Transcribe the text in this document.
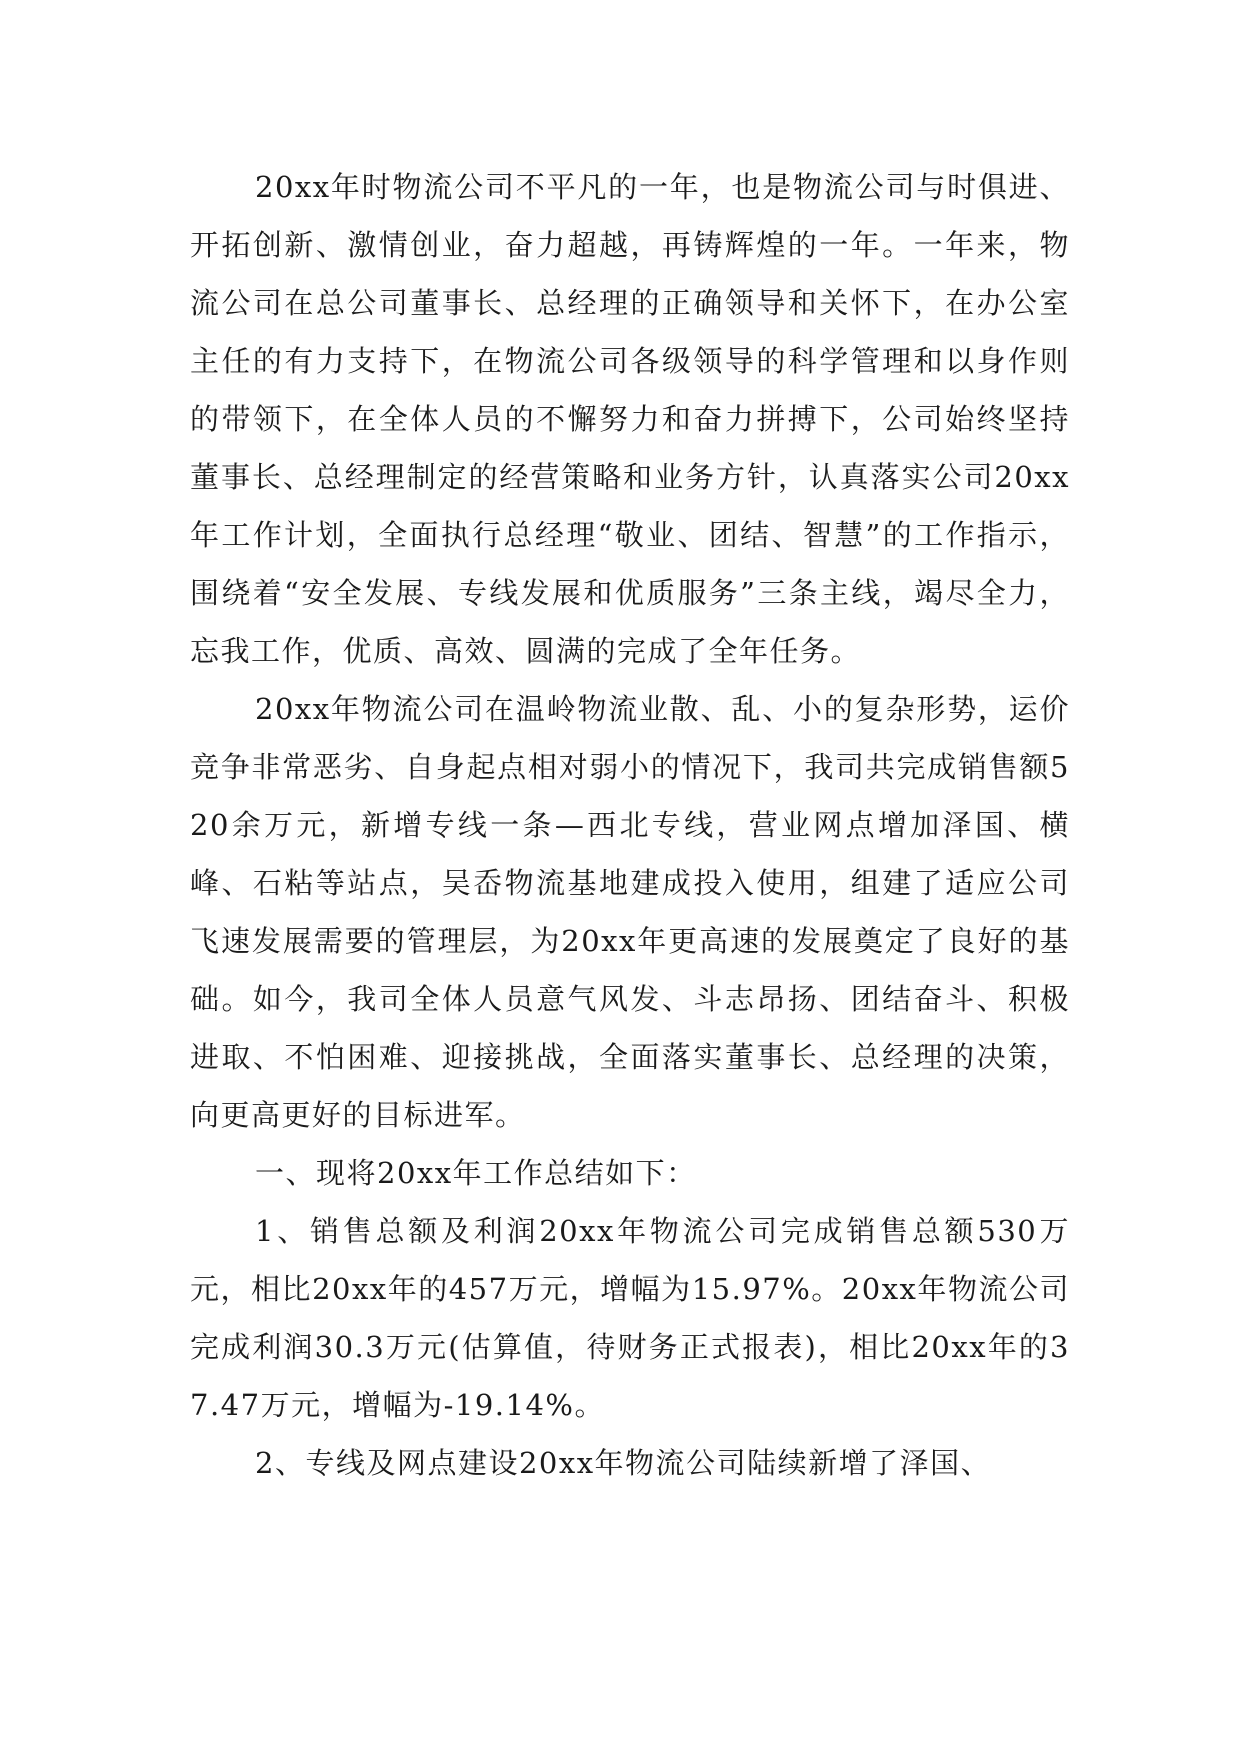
20xx年时物流公司不平凡的一年，也是物流公司与时俱进、开拓创新、激情创业，奋力超越，再铸辉煌的一年。一年来，物流公司在总公司董事长、总经理的正确领导和关怀下，在办公室主任的有力支持下，在物流公司各级领导的科学管理和以身作则的带领下，在全体人员的不懈努力和奋力拼搏下，公司始终坚持董事长、总经理制定的经营策略和业务方针，认真落实公司20xx年工作计划，全面执行总经理“敬业、团结、智慧”的工作指示，围绕着“安全发展、专线发展和优质服务”三条主线，竭尽全力，忘我工作，优质、高效、圆满的完成了全年任务。

20xx年物流公司在温岭物流业散、乱、小的复杂形势，运价竞争非常恶劣、自身起点相对弱小的情况下，我司共完成销售额520余万元，新增专线一条—西北专线，营业网点增加泽国、横峰、石粘等站点，吴岙物流基地建成投入使用，组建了适应公司飞速发展需要的管理层，为20xx年更高速的发展奠定了良好的基础。如今，我司全体人员意气风发、斗志昂扬、团结奋斗、积极进取、不怕困难、迎接挑战，全面落实董事长、总经理的决策，向更高更好的目标进军。

一、现将20xx年工作总结如下：

1、销售总额及利润20xx年物流公司完成销售总额530万元，相比20xx年的457万元，增幅为15.97%。20xx年物流公司完成利润30.3万元(估算值，待财务正式报表)，相比20xx年的37.47万元，增幅为-19.14%。

2、专线及网点建设20xx年物流公司陆续新增了泽国、
